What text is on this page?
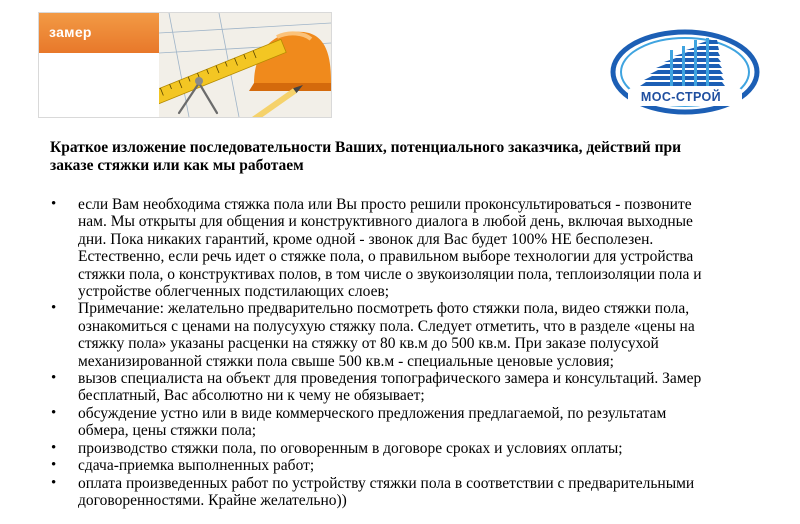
замер
МОС-СТРОЙ
Краткое изложение последовательности Ваших, потенциального заказчика, действий при
заказе стяжки или как мы работаем
• если Вам необходима стяжка пола или Вы просто решили проконсультироваться - позвоните
нам. Мы открыты для общения и конструктивного диалога в любой день, включая выходные
дни. Пока никаких гарантий, кроме одной - звонок для Вас будет 100% НЕ бесполезен.
Естественно, если речь идет о стяжке пола, о правильном выборе технологии для устройства
стяжки пола, о конструктивах полов, в том числе о звукоизоляции пола, теплоизоляции пола и
устройстве облегченных подстилающих слоев;
• Примечание: желательно предварительно посмотреть фото стяжки пола, видео стяжки пола,
ознакомиться с ценами на полусухую стяжку пола. Следует отметить, что в разделе «цены на
стяжку пола» указаны расценки на стяжку от 80 кв.м до 500 кв.м. При заказе полусухой
механизированной стяжки пола свыше 500 кв.м - специальные ценовые условия;
• вызов специалиста на объект для проведения топографического замера и консультаций. Замер
бесплатный, Вас абсолютно ни к чему не обязывает;
• обсуждение устно или в виде коммерческого предложения предлагаемой, по результатам
обмера, цены стяжки пола;
• производство стяжки пола, по оговоренным в договоре сроках и условиях оплаты;
• сдача-приемка выполненных работ;
• оплата произведенных работ по устройству стяжки пола в соответствии с предварительными
договоренностями. Крайне желательно))
